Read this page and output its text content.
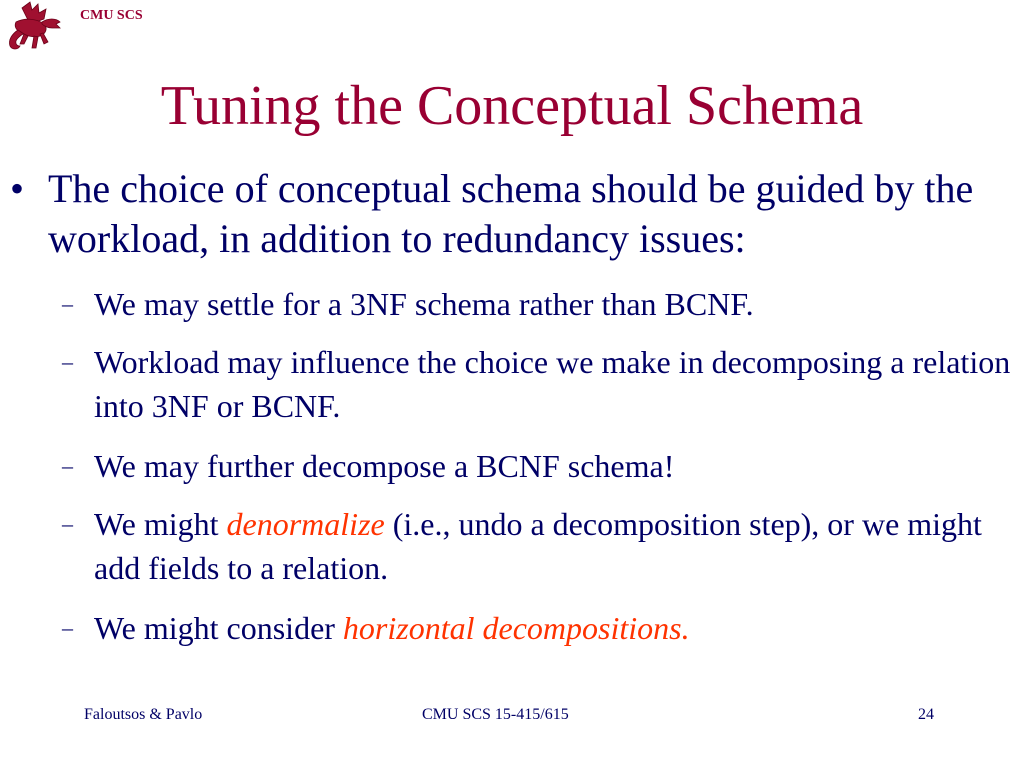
CMU SCS
Tuning the Conceptual Schema
• The choice of conceptual schema should be guided by the workload, in addition to redundancy issues:
– We may settle for a 3NF schema rather than BCNF.
– Workload may influence the choice we make in decomposing a relation into 3NF or BCNF.
– We may further decompose a BCNF schema!
– We might denormalize (i.e., undo a decomposition step), or we might add fields to a relation.
– We might consider horizontal decompositions.
Faloutsos & Pavlo	CMU SCS 15-415/615	24
